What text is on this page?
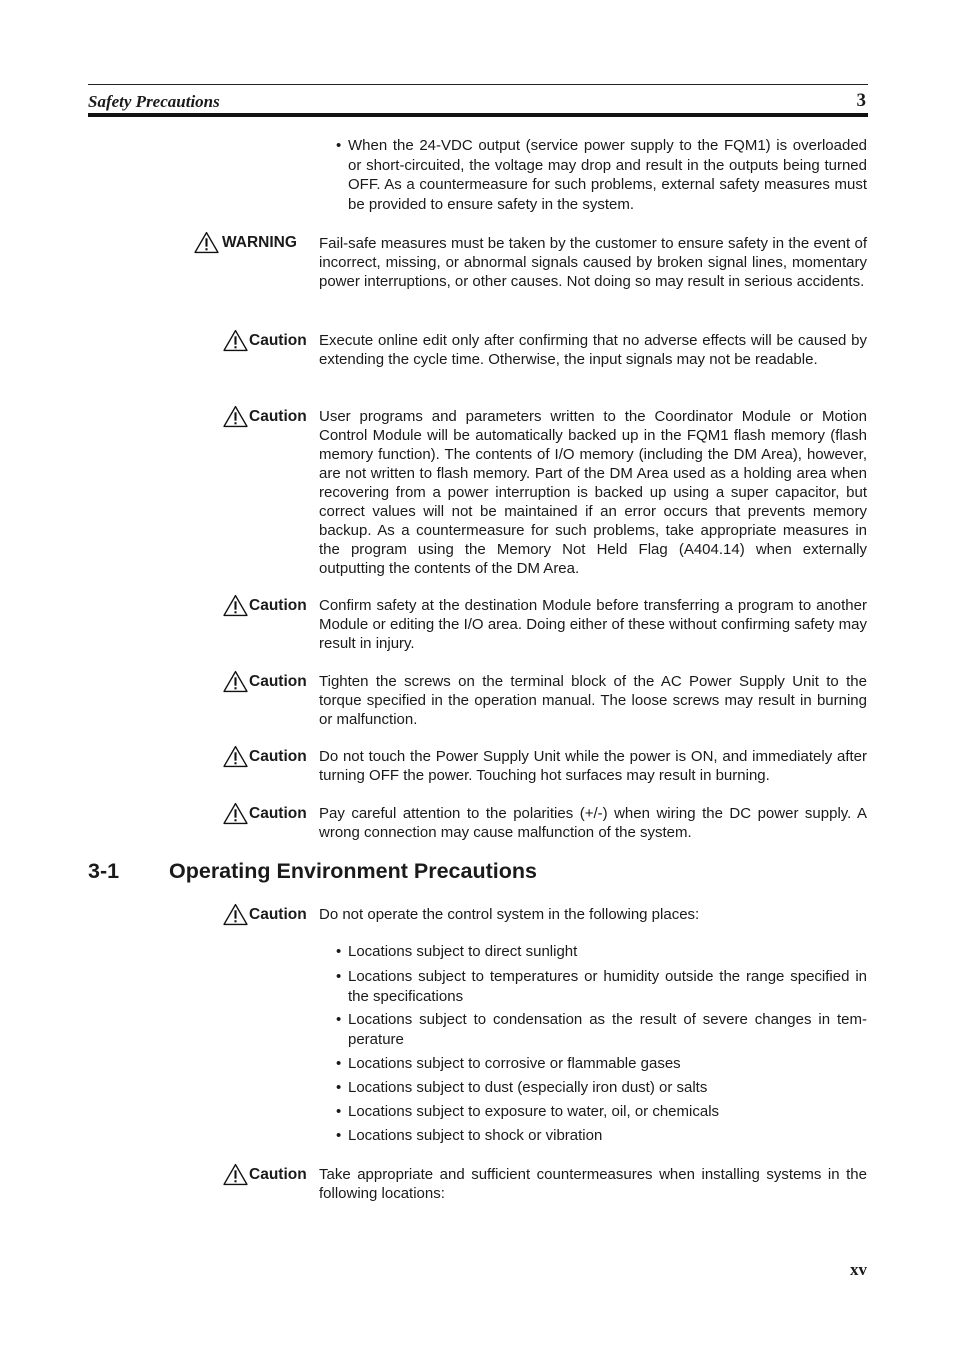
Safety Precautions	3
• When the 24-VDC output (service power supply to the FQM1) is overloaded or short-circuited, the voltage may drop and result in the outputs being turned OFF. As a countermeasure for such problems, external safety measures must be provided to ensure safety in the system.
WARNING Fail-safe measures must be taken by the customer to ensure safety in the event of incorrect, missing, or abnormal signals caused by broken signal lines, momentary power interruptions, or other causes. Not doing so may result in serious accidents.
Caution Execute online edit only after confirming that no adverse effects will be caused by extending the cycle time. Otherwise, the input signals may not be readable.
Caution User programs and parameters written to the Coordinator Module or Motion Control Module will be automatically backed up in the FQM1 flash memory (flash memory function). The contents of I/O memory (including the DM Area), however, are not written to flash memory. Part of the DM Area used as a holding area when recovering from a power interruption is backed up using a super capacitor, but correct values will not be maintained if an error occurs that prevents memory backup. As a countermeasure for such problems, take appropriate measures in the program using the Memory Not Held Flag (A404.14) when externally outputting the contents of the DM Area.
Caution Confirm safety at the destination Module before transferring a program to another Module or editing the I/O area. Doing either of these without confirming safety may result in injury.
Caution Tighten the screws on the terminal block of the AC Power Supply Unit to the torque specified in the operation manual. The loose screws may result in burning or malfunction.
Caution Do not touch the Power Supply Unit while the power is ON, and immediately after turning OFF the power. Touching hot surfaces may result in burning.
Caution Pay careful attention to the polarities (+/-) when wiring the DC power supply. A wrong connection may cause malfunction of the system.
3-1 Operating Environment Precautions
Caution Do not operate the control system in the following places:
• Locations subject to direct sunlight
• Locations subject to temperatures or humidity outside the range specified in the specifications
• Locations subject to condensation as the result of severe changes in temperature
• Locations subject to corrosive or flammable gases
• Locations subject to dust (especially iron dust) or salts
• Locations subject to exposure to water, oil, or chemicals
• Locations subject to shock or vibration
Caution Take appropriate and sufficient countermeasures when installing systems in the following locations:
xv
